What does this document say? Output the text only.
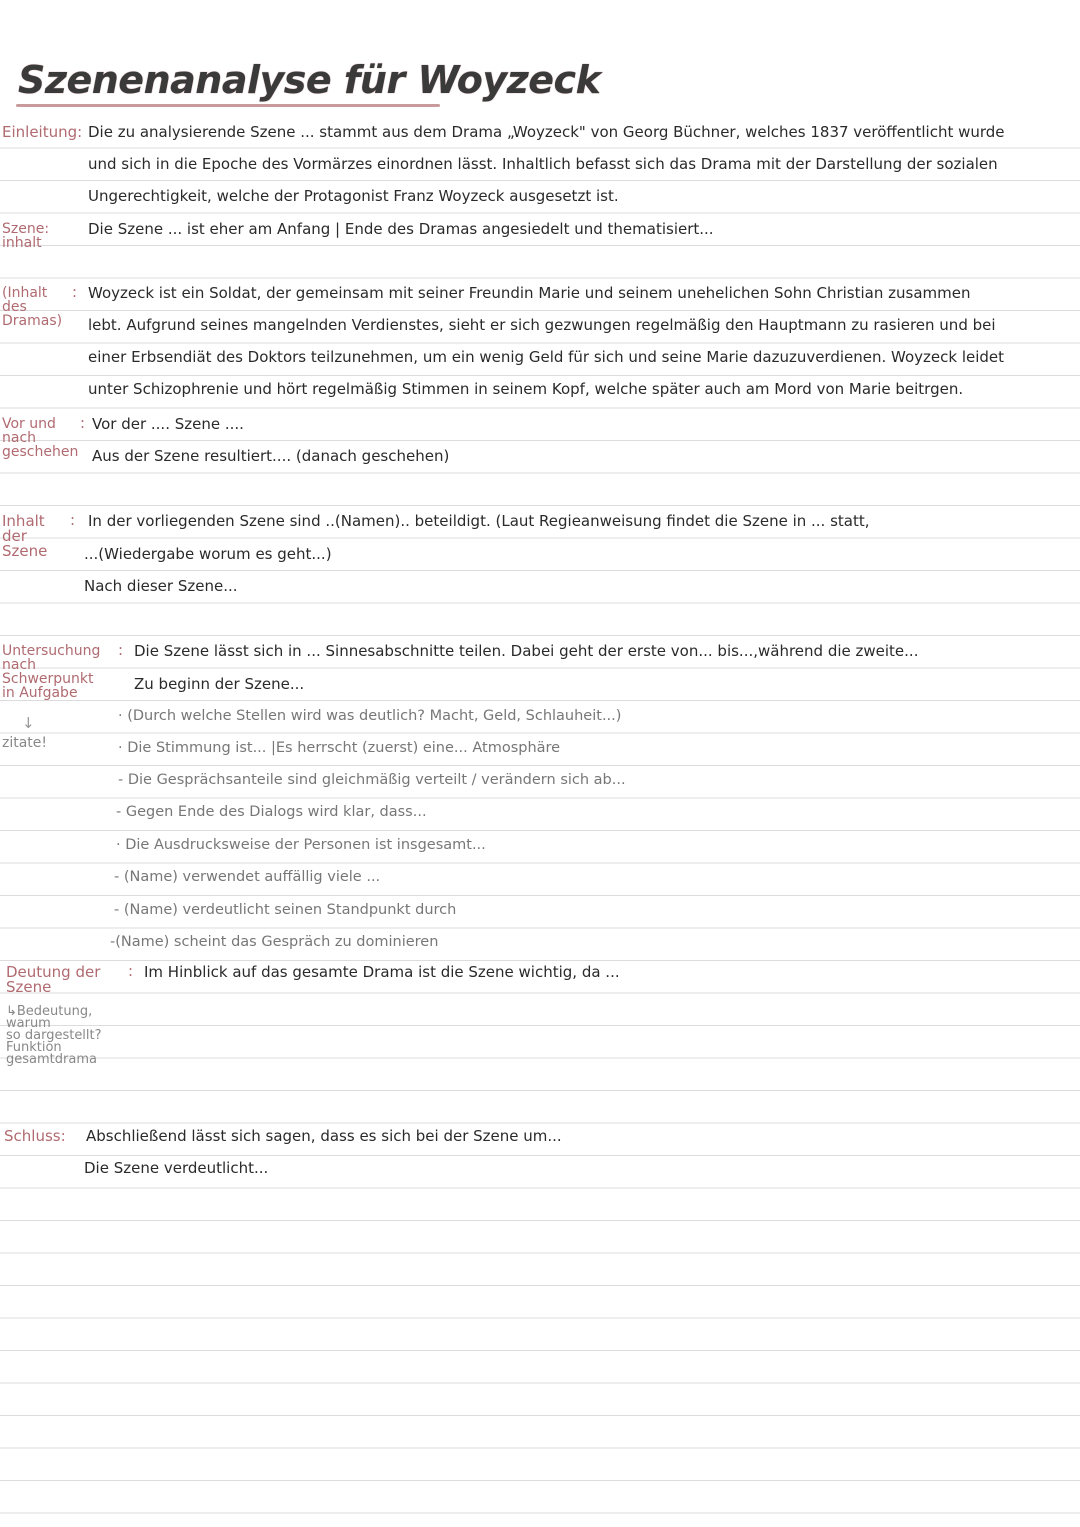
Szenenanalyse für Woyzeck
Einleitung: Die zu analysierende Szene ... stammt aus dem Drama „Woyzeck" von Georg Büchner, welches 1837 veröffentlicht wurde
und sich in die Epoche des Vormärzes einordnen lässt. Inhaltlich befasst sich das Drama mit der Darstellung der sozialen
Ungerechtigkeit, welche der Protagonist Franz Woyzeck ausgesetzt ist.
Die Szene ... ist eher am Anfang | Ende des Dramas angesiedelt und thematisiert...
Szene:
inhalt
(Inhalt
des
Dramas)
: Woyzeck ist ein Soldat, der gemeinsam mit seiner Freundin Marie und seinem unehelichen Sohn Christian zusammen
lebt. Aufgrund seines mangelnden Verdienstes, sieht er sich gezwungen regelmäßig den Hauptmann zu rasieren und bei
einer Erbsendiät des Doktors teilzunehmen, um ein wenig Geld für sich und seine Marie dazuzuverdienen. Woyzeck leidet
unter Schizophrenie und hört regelmäßig Stimmen in seinem Kopf, welche später auch am Mord von Marie beitrgen.
Vor und
nach
geschehen
: Vor der .... Szene ....
Aus der Szene resultiert.... (danach geschehen)
Inhalt
der
Szene
: In der vorliegenden Szene sind ..(Namen).. beteildigt. (Laut Regieanweisung findet die Szene in ... statt,
...(Wiedergabe worum es geht...)
Nach dieser Szene...
Untersuchung
nach
Schwerpunkt
in Aufgabe
:
↓
zitate!
Die Szene lässt sich in ... Sinnesabschnitte teilen. Dabei geht der erste von... bis...,während die zweite...
Zu beginn der Szene...
· (Durch welche Stellen wird was deutlich? Macht, Geld, Schlauheit...)
· Die Stimmung ist... |Es herrscht (zuerst) eine... Atmosphäre
- Die Gesprächsanteile sind gleichmäßig verteilt / verändern sich ab...
- Gegen Ende des Dialogs wird klar, dass...
· Die Ausdrucksweise der Personen ist insgesamt...
- (Name) verwendet auffällig viele ...
- (Name) verdeutlicht seinen Standpunkt durch
-(Name) scheint das Gespräch zu dominieren
Deutung der
Szene
: Im Hinblick auf das gesamte Drama ist die Szene wichtig, da ...
↳Bedeutung,
warum
so dargestellt?
Funktion
gesamtdrama
Schluss: Abschließend lässt sich sagen, dass es sich bei der Szene um...
Die Szene verdeutlicht...
